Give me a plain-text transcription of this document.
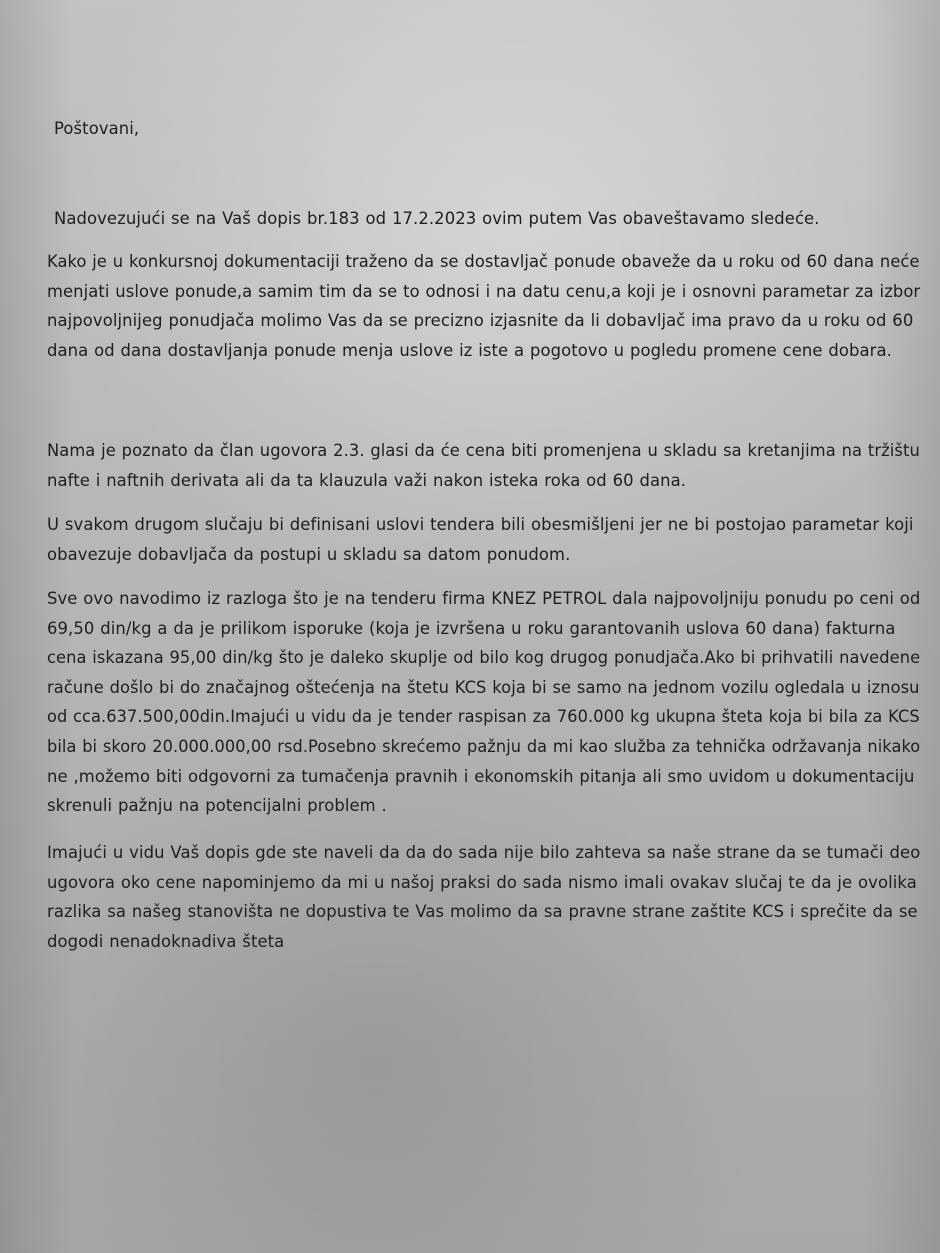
Poštovani,

Nadovezujući se na Vaš dopis br.183 od 17.2.2023 ovim putem Vas obaveštavamo sledeće.

Kako je u konkursnoj dokumentaciji traženo da se dostavljač ponude obaveže da u roku od 60 dana neće
menjati uslove ponude,a samim tim da se to odnosi i na datu cenu,a koji je i osnovni parametar za izbor
najpovoljnijeg ponudjača molimo Vas da se precizno izjasnite da li dobavljač ima pravo da u roku od 60
dana od dana dostavljanja ponude menja uslove iz iste a pogotovo u pogledu promene cene dobara.

Nama je poznato da član ugovora 2.3. glasi da će cena biti promenjena u skladu sa kretanjima na tržištu
nafte i naftnih derivata ali da ta klauzula važi nakon isteka roka od 60 dana.

U svakom drugom slučaju bi definisani uslovi tendera bili obesmišljeni jer ne bi postojao parametar koji
obavezuje dobavljača da postupi u skladu sa datom ponudom.

Sve ovo navodimo iz razloga što je na tenderu firma KNEZ PETROL dala najpovoljniju ponudu po ceni od
69,50 din/kg a da je prilikom isporuke (koja je izvršena u roku garantovanih uslova 60 dana) fakturna
cena iskazana 95,00 din/kg što je daleko skuplje od bilo kog drugog ponudjača.Ako bi prihvatili navedene
račune došlo bi do značajnog oštećenja na štetu KCS koja bi se samo na jednom vozilu ogledala u iznosu
od cca.637.500,00din.Imajući u vidu da je tender raspisan za 760.000 kg ukupna šteta koja bi bila za KCS
bila bi skoro 20.000.000,00 rsd.Posebno skrećemo pažnju da mi kao služba za tehnička održavanja nikako
ne ,možemo biti odgovorni za tumačenja pravnih i ekonomskih pitanja ali smo uvidom u dokumentaciju
skrenuli pažnju na potencijalni problem .

Imajući u vidu Vaš dopis gde ste naveli da da do sada nije bilo zahteva sa naše strane da se tumači deo
ugovora oko cene napominjemo da mi u našoj praksi do sada nismo imali ovakav slučaj te da je ovolika
razlika sa našeg stanovišta ne dopustiva te Vas molimo da sa pravne strane zaštite KCS i sprečite da se
dogodi nenadoknadiva šteta
